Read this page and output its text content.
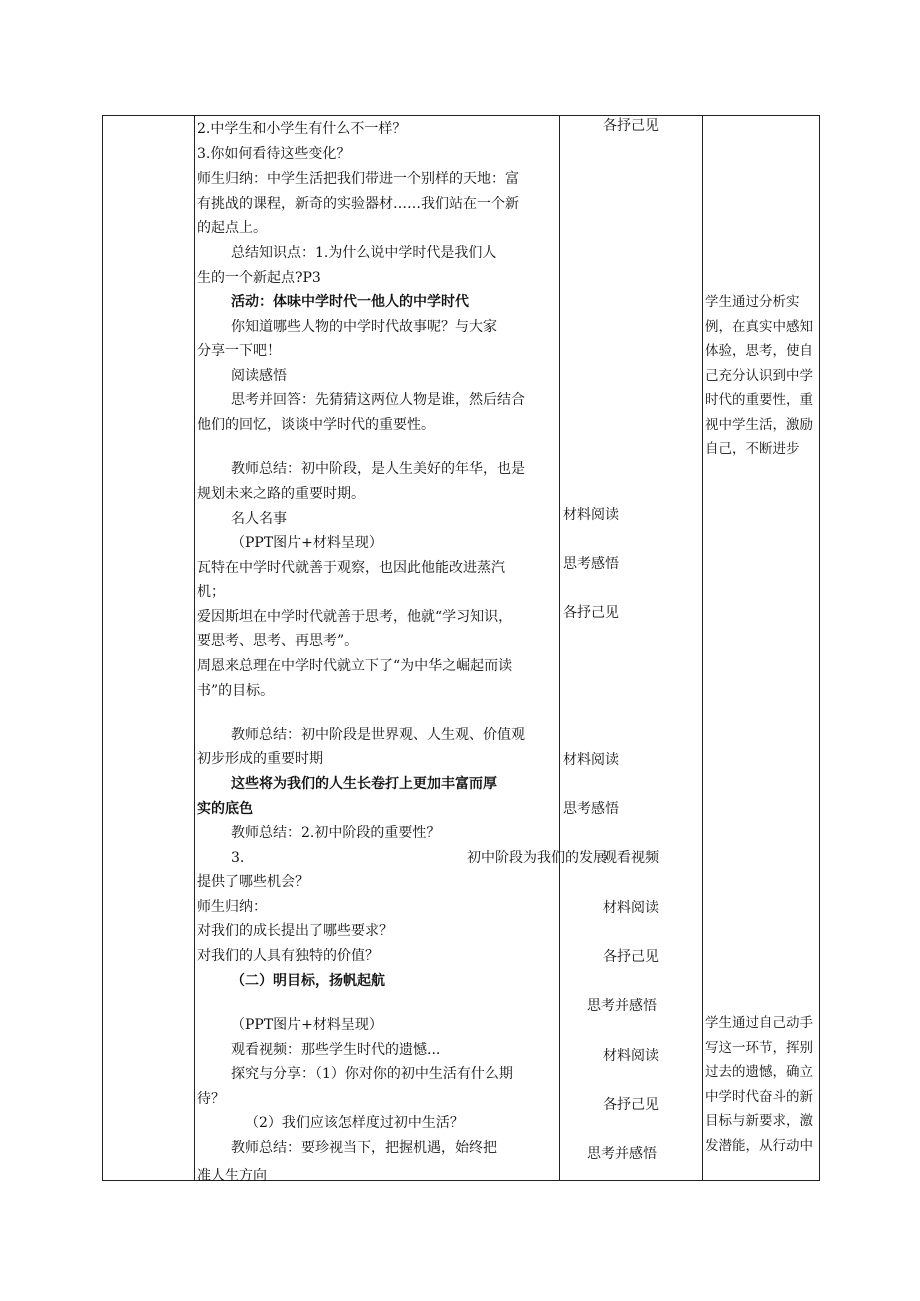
2.中学生和小学生有什么不一样？
3.你如何看待这些变化？
师生归纳：中学生活把我们带进一个别样的天地：富
有挑战的课程，新奇的实验器材……我们站在一个新
的起点上。
总结知识点：1.为什么说中学时代是我们人
生的一个新起点?P3
活动：体味中学时代一他人的中学时代
你知道哪些人物的中学时代故事呢？与大家
分享一下吧！
阅读感悟
思考并回答：先猜猜这两位人物是谁，然后结合
他们的回忆，谈谈中学时代的重要性。
教师总结：初中阶段，是人生美好的年华，也是
规划未来之路的重要时期。
名人名事
（PPT图片+材料呈现）
瓦特在中学时代就善于观察，也因此他能改进蒸汽
机；
爱因斯坦在中学时代就善于思考，他就“学习知识，
要思考、思考、再思考”。
周恩来总理在中学时代就立下了“为中华之崛起而读
书”的目标。
教师总结：初中阶段是世界观、人生观、价值观
初步形成的重要时期
这些将为我们的人生长卷打上更加丰富而厚
实的底色
教师总结：2.初中阶段的重要性？
3.	初中阶段为我们的发展
提供了哪些机会？
师生归纳：
对我们的成长提出了哪些要求？
对我们的人具有独特的价值？
（二）明目标，扬帆起航
（PPT图片+材料呈现）
观看视频：那些学生时代的遗憾...
探究与分享：（1）你对你的初中生活有什么期
待？
（2）我们应该怎样度过初中生活？
教师总结：要珍视当下，把握机遇，始终把
准人生方向
各抒己见
材料阅读
思考感悟
各抒己见
材料阅读
思考感悟
观看视频
材料阅读
各抒己见
思考并感悟
材料阅读
各抒己见
思考并感悟
学生通过分析实例，在真实中感知体验，思考，使自己充分认识到中学时代的重要性，重视中学生活，激励自己，不断进步
学生通过自己动手写这一环节，挥别过去的遗憾，确立中学时代奋斗的新目标与新要求，激发潜能，从行动中
